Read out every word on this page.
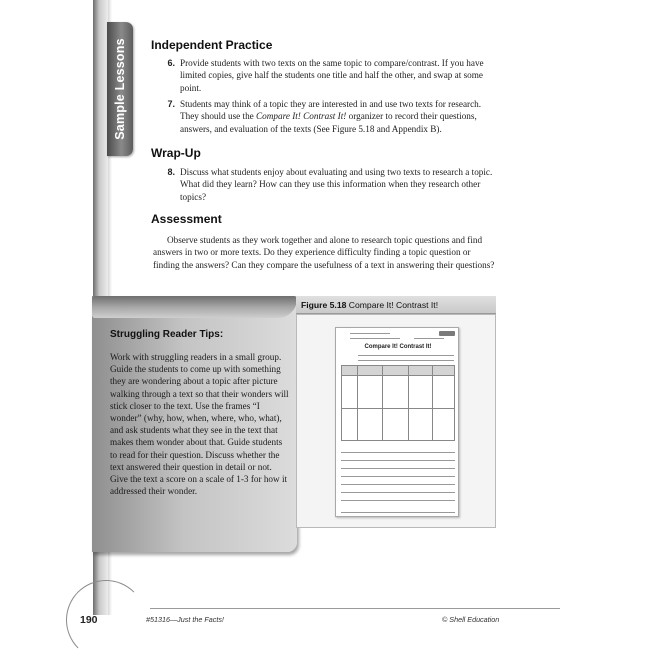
Sample Lessons	Independent Practice
6. Provide students with two texts on the same topic to compare/contrast. If you have limited copies, give half the students one title and half the other, and swap at some point.
7. Students may think of a topic they are interested in and use two texts for research. They should use the Compare It! Contrast It! organizer to record their questions, answers, and evaluation of the texts (See Figure 5.18 and Appendix B).
Wrap-Up
8. Discuss what students enjoy about evaluating and using two texts to research a topic. What did they learn? How can they use this information when they research other topics?
Assessment
Observe students as they work together and alone to research topic questions and find answers in two or more texts. Do they experience difficulty finding a topic question or finding the answers? Can they compare the usefulness of a text in answering their questions?
Struggling Reader Tips:
Work with struggling readers in a small group. Guide the students to come up with something they are wondering about a topic after picture walking through a text so that their wonders will stick closer to the text. Use the frames “I wonder” (why, how, when, where, who, what), and ask students what they see in the text that makes them wonder about that. Guide students to read for their question. Discuss whether the text answered their question in detail or not. Give the text a score on a scale of 1-3 for how it addressed their wonder.
Figure 5.18 Compare It! Contrast It!
Compare It! Contrast It!
190	#51316—Just the Facts!	© Shell Education
